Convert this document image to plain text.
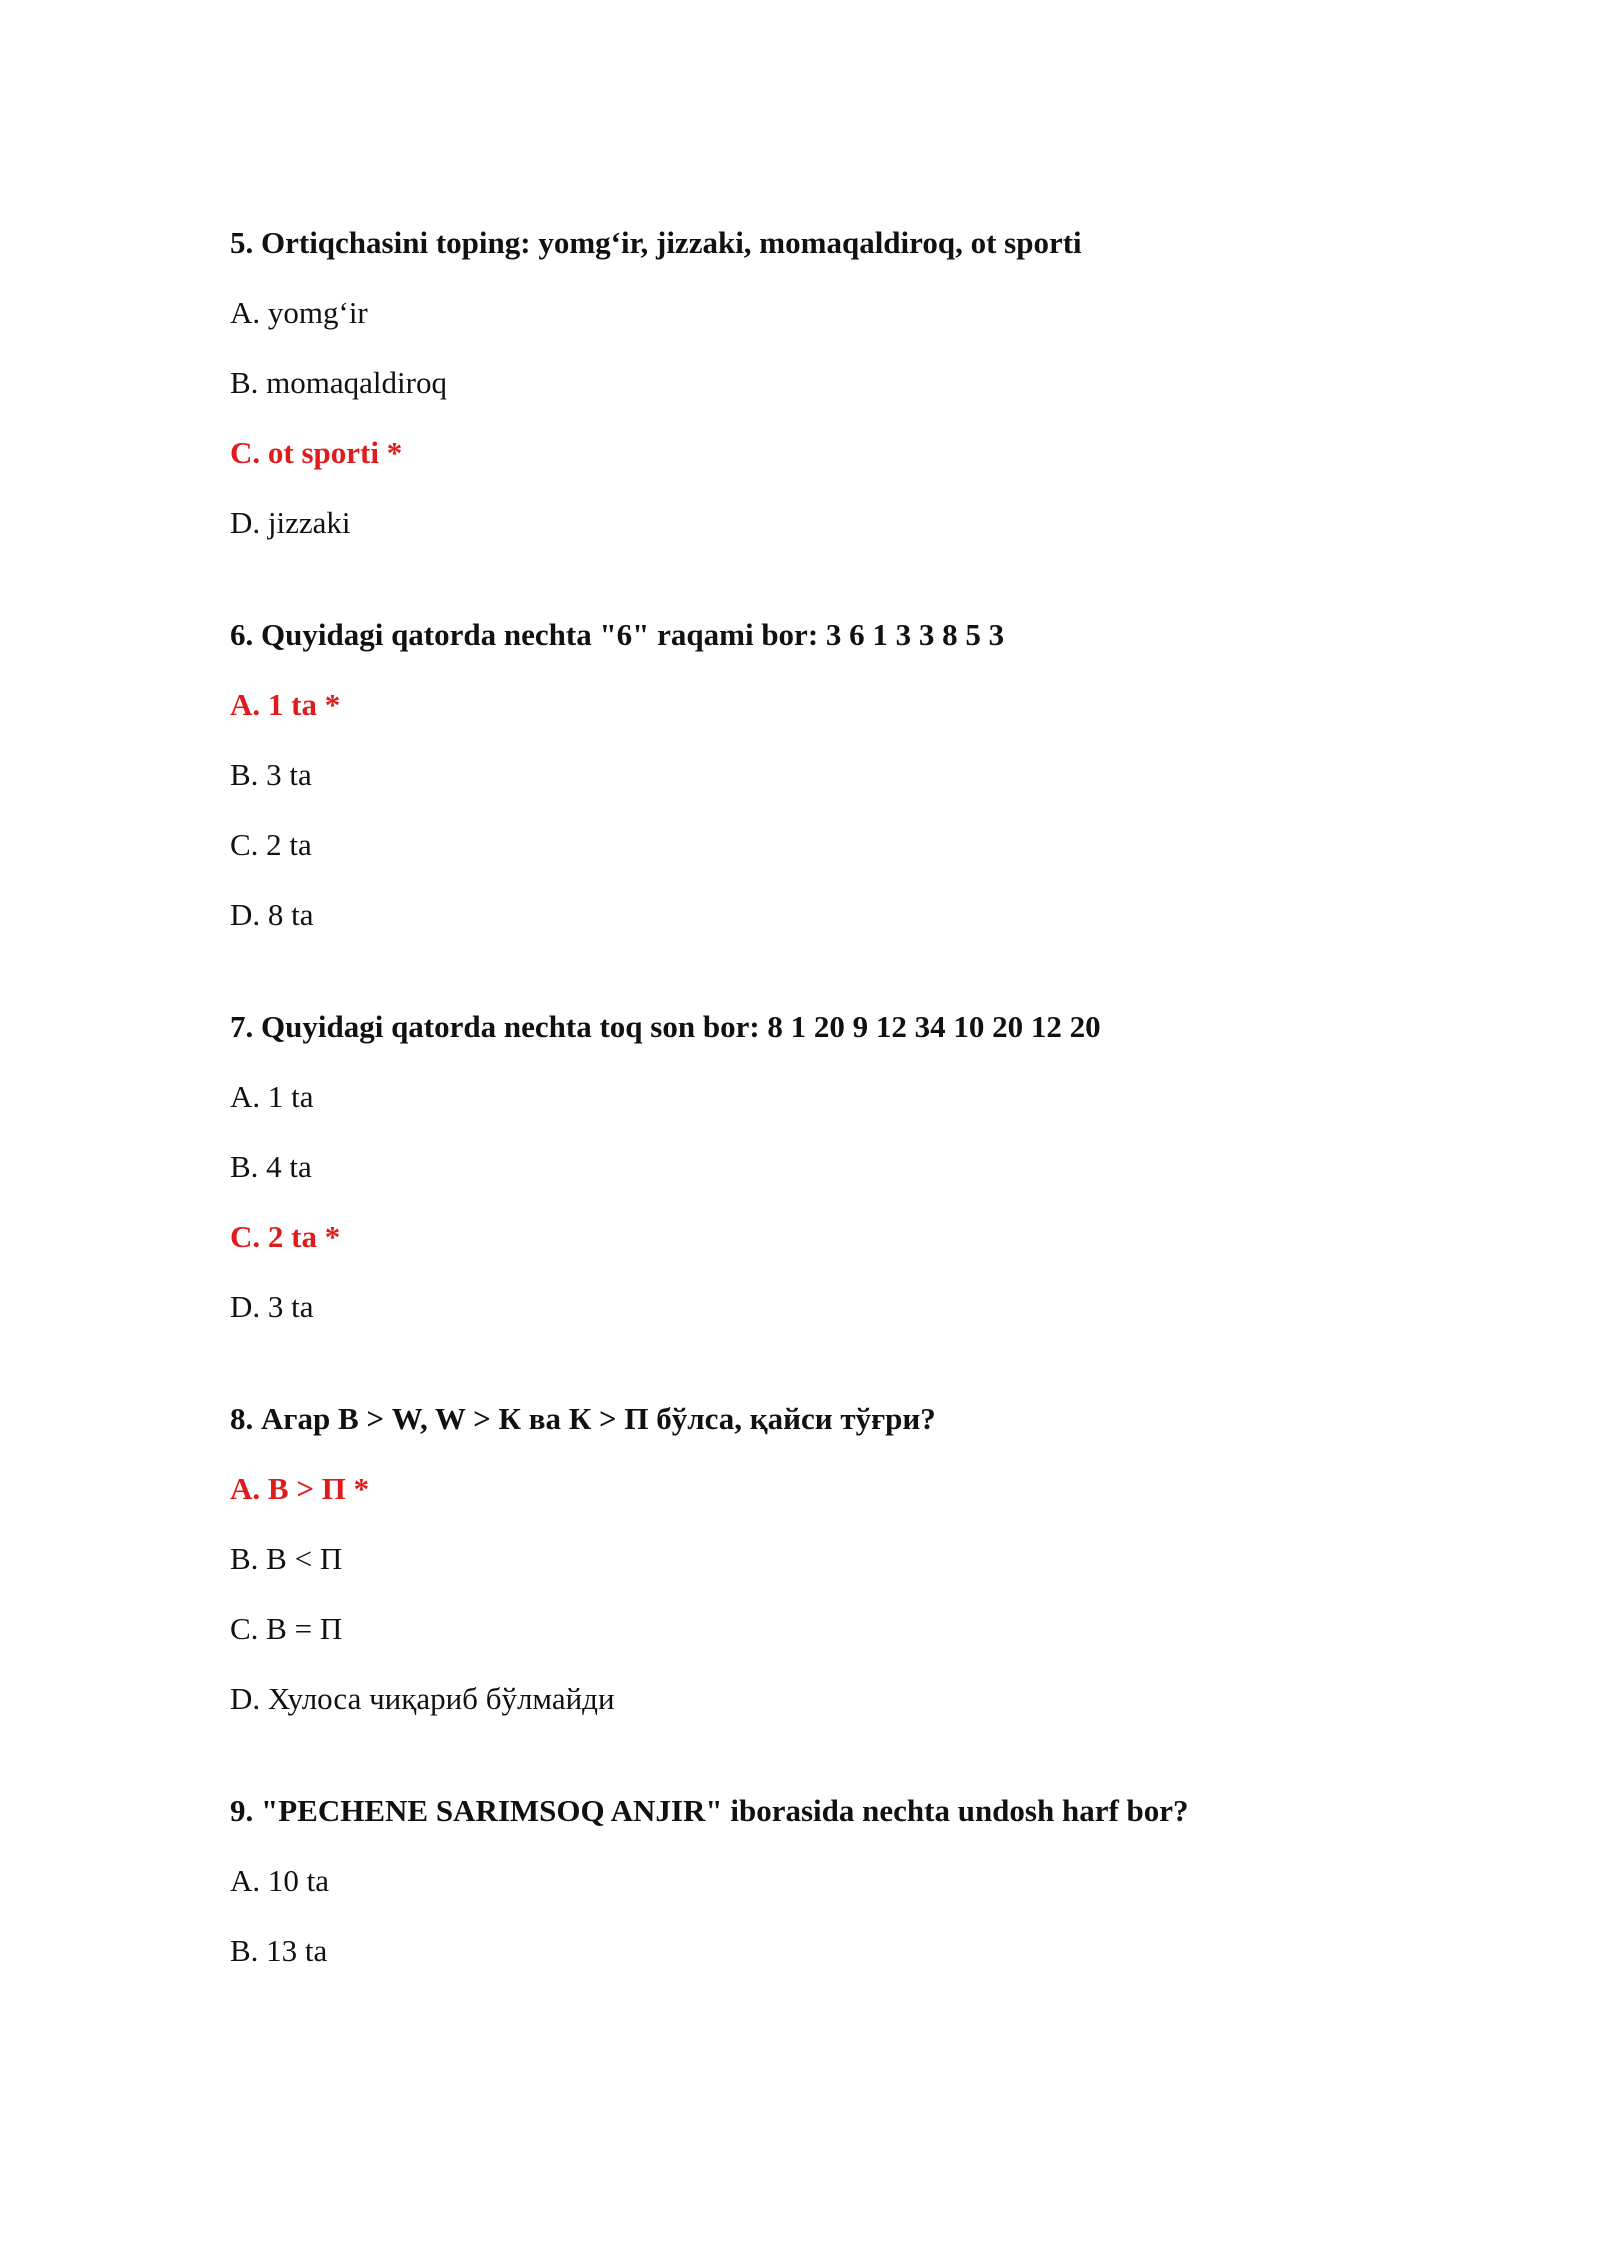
5. Ortiqchasini toping: yomg‘ir, jizzaki, momaqaldiroq, ot sporti
A. yomg‘ir
B. momaqaldiroq
C. ot sporti *
D. jizzaki
6. Quyidagi qatorda nechta "6" raqami bor: 3 6 1 3 3 8 5 3
A. 1 ta *
B. 3 ta
C. 2 ta
D. 8 ta
7. Quyidagi qatorda nechta toq son bor: 8 1 20 9 12 34 10 20 12 20
A. 1 ta
B. 4 ta
C. 2 ta *
D. 3 ta
8. Агар В > W, W > К ва К > П бўлса, қайси тўғри?
A. В > П *
B. В < П
C. В = П
D. Хулоса чиқариб бўлмайди
9. "PECHENE SARIMSOQ ANJIR" iborasida nechta undosh harf bor?
A. 10 ta
B. 13 ta
